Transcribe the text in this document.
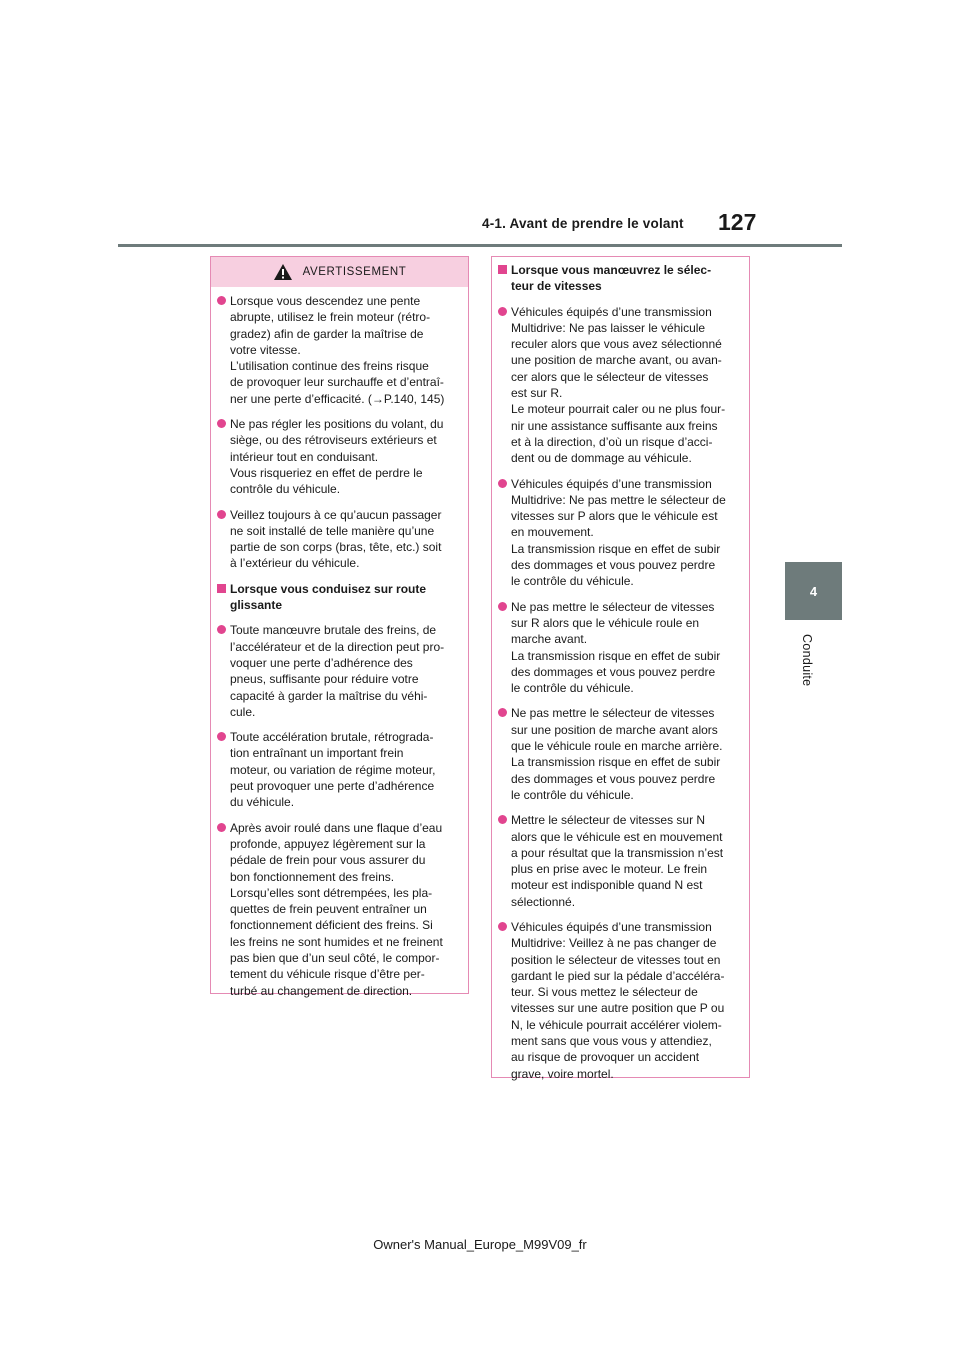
4-1. Avant de prendre le volant 127
4
Conduite
AVERTISSEMENT
Lorsque vous descendez une pente
abrupte, utilisez le frein moteur (rétro-
gradez) afin de garder la maîtrise de
votre vitesse.
L’utilisation continue des freins risque
de provoquer leur surchauffe et d’entraî-
ner une perte d’efficacité. (→P.140, 145)
Ne pas régler les positions du volant, du
siège, ou des rétroviseurs extérieurs et
intérieur tout en conduisant.
Vous risqueriez en effet de perdre le
contrôle du véhicule.
Veillez toujours à ce qu’aucun passager
ne soit installé de telle manière qu’une
partie de son corps (bras, tête, etc.) soit
à l’extérieur du véhicule.
Lorsque vous conduisez sur route
glissante
Toute manœuvre brutale des freins, de
l’accélérateur et de la direction peut pro-
voquer une perte d’adhérence des
pneus, suffisante pour réduire votre
capacité à garder la maîtrise du véhi-
cule.
Toute accélération brutale, rétrograda-
tion entraînant un important frein
moteur, ou variation de régime moteur,
peut provoquer une perte d’adhérence
du véhicule.
Après avoir roulé dans une flaque d’eau
profonde, appuyez légèrement sur la
pédale de frein pour vous assurer du
bon fonctionnement des freins.
Lorsqu’elles sont détrempées, les pla-
quettes de frein peuvent entraîner un
fonctionnement déficient des freins. Si
les freins ne sont humides et ne freinent
pas bien que d’un seul côté, le compor-
tement du véhicule risque d’être per-
turbé au changement de direction.
Lorsque vous manœuvrez le sélec-
teur de vitesses
Véhicules équipés d’une transmission
Multidrive: Ne pas laisser le véhicule
reculer alors que vous avez sélectionné
une position de marche avant, ou avan-
cer alors que le sélecteur de vitesses
est sur R.
Le moteur pourrait caler ou ne plus four-
nir une assistance suffisante aux freins
et à la direction, d’où un risque d’acci-
dent ou de dommage au véhicule.
Véhicules équipés d’une transmission
Multidrive: Ne pas mettre le sélecteur de
vitesses sur P alors que le véhicule est
en mouvement.
La transmission risque en effet de subir
des dommages et vous pouvez perdre
le contrôle du véhicule.
Ne pas mettre le sélecteur de vitesses
sur R alors que le véhicule roule en
marche avant.
La transmission risque en effet de subir
des dommages et vous pouvez perdre
le contrôle du véhicule.
Ne pas mettre le sélecteur de vitesses
sur une position de marche avant alors
que le véhicule roule en marche arrière.
La transmission risque en effet de subir
des dommages et vous pouvez perdre
le contrôle du véhicule.
Mettre le sélecteur de vitesses sur N
alors que le véhicule est en mouvement
a pour résultat que la transmission n’est
plus en prise avec le moteur. Le frein
moteur est indisponible quand N est
sélectionné.
Véhicules équipés d’une transmission
Multidrive: Veillez à ne pas changer de
position le sélecteur de vitesses tout en
gardant le pied sur la pédale d’accéléra-
teur. Si vous mettez le sélecteur de
vitesses sur une autre position que P ou
N, le véhicule pourrait accélérer violem-
ment sans que vous vous y attendiez,
au risque de provoquer un accident
grave, voire mortel.
Owner's Manual_Europe_M99V09_fr
